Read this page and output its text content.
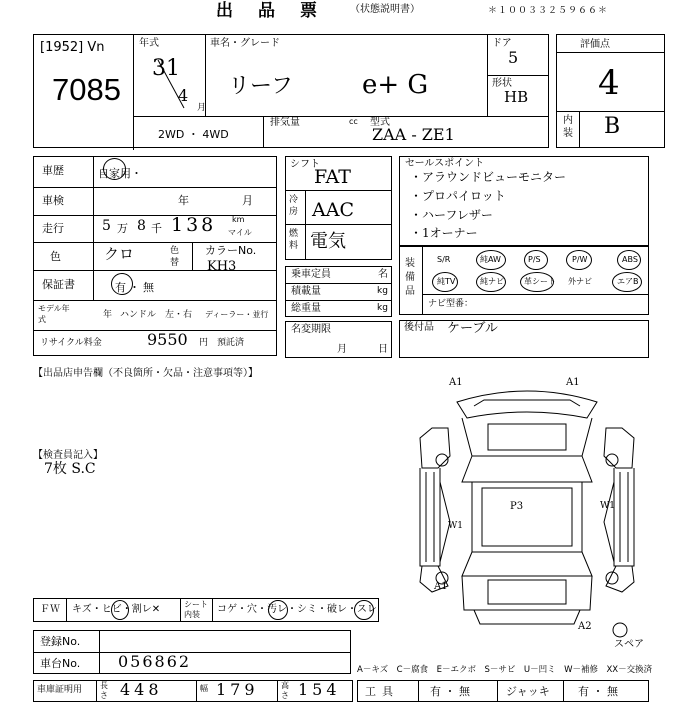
出　品　票	（状態説明書）	＊１００３３２５９６６＊
[1952] Vn
7085
年式
31
4
月
車名・グレード
リーフ	e+ G
ドア
5
形状
HB
2WD ・ 4WD
排気量	cc 型式
ZAA - ZE1
評価点
4
内装 B
車歴	自家用・
車検	年	月
走行	5 万 8 千 138 km
マイル
色	クロ	色替
カラーNo.
KH3
保証書	有・無
モデル年式	年 ハンドル　左・右 ディーラー・並行
リサイクル料金	9550 円　預託済
シフト
FAT
冷房 AAC
燃料 電気
乗車定員	名
積載量	kg
総重量	kg
名変期限
月	日
セールスポイント
・アラウンドビューモニター
・プロパイロット
・ハーフレザー
・1オーナー
装備品
S/R	純AW	P/S	P/W	ABS
純TV	純ナビ	革シート 外ナビ	エアB
ナビ型番：
後付品 ケーブル
【出品店申告欄（不良箇所・欠品・注意事項等）】
【検査員記入】
7枚 S.C
A1	A1
P3
W1
W1
A1
A2
スペア
ＦＷ キズ・ヒビ・割レ✕	シート内装	コゲ・穴・汚レ・シミ・破レ・スレ
登録No.
車台No. 056862	A－キズ　C－腐食　E－エクボ　S－サビ　U－凹ミ　W－補修　XX－交換済
車庫証明用 長さ 448	幅 179	高さ 154 工具	有 ・ 無	ジャッキ	有 ・ 無
